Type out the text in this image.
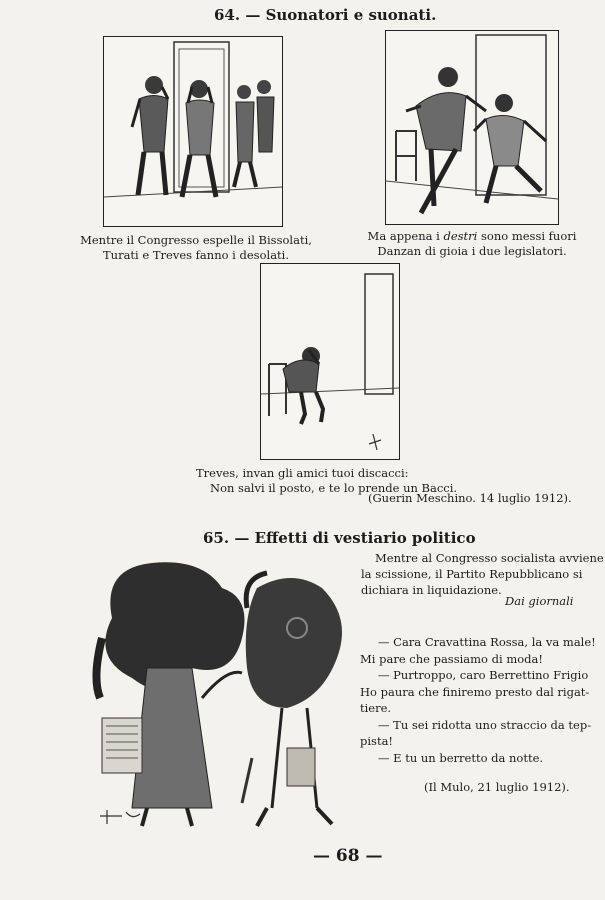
64. — Suonatori e suonati.
Mentre il Congresso espelle il Bissolati,
Turati e Treves fanno i desolati.
Ma appena i destri sono messi fuori
Danzan di gioia i due legislatori.
Treves, invan gli amici tuoi discacci:
Non salvi il posto, e te lo prende un Bacci.
(Guerin Meschino. 14 luglio 1912).
65. — Effetti di vestiario politico
Mentre al Congresso socialista avviene
la scissione, il Partito Repubblicano si
dichiara in liquidazione.
Dai giornali
— Cara Cravattina Rossa, la va male!
Mi pare che passiamo di moda!
— Purtroppo, caro Berrettino Frigio
Ho paura che finiremo presto dal rigat-
tiere.
— Tu sei ridotta uno straccio da tep-
pista!
— E tu un berretto da notte.
(Il Mulo, 21 luglio 1912).
— 68 —
